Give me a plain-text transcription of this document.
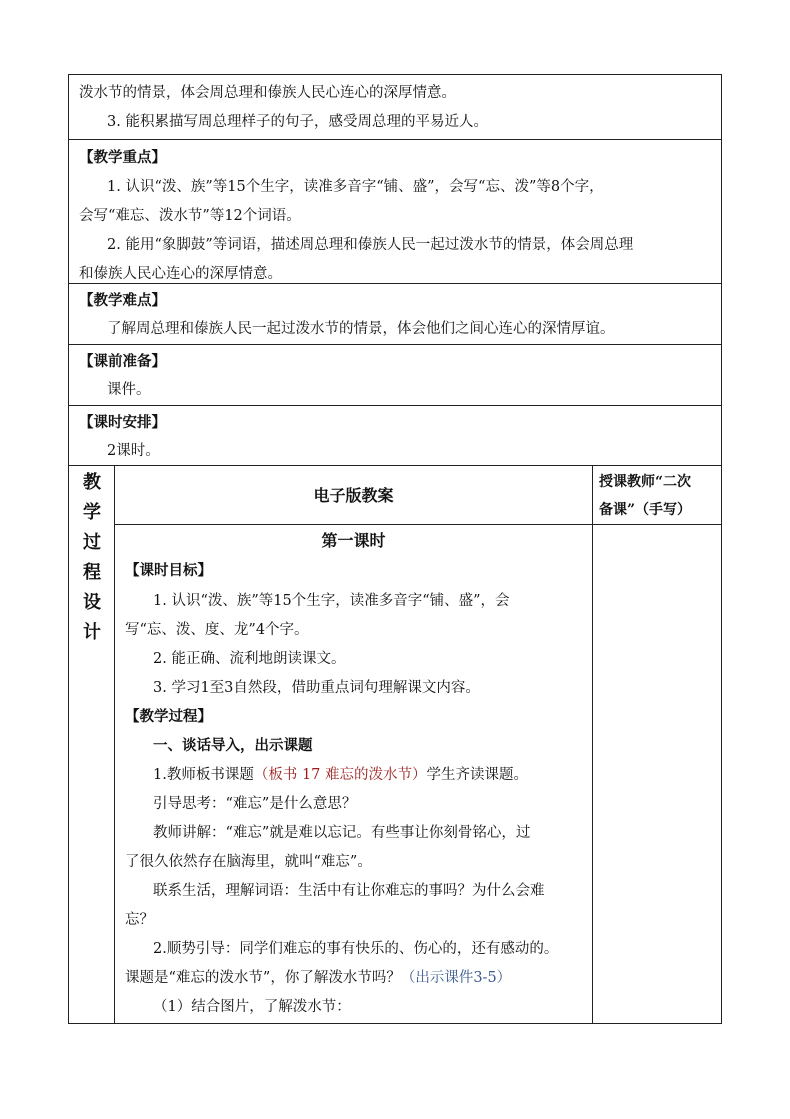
泼水节的情景，体会周总理和傣族人民心连心的深厚情意。
3. 能积累描写周总理样子的句子，感受周总理的平易近人。
【教学重点】
1. 认识“泼、族”等15个生字，读准多音字“铺、盛”，会写“忘、泼”等8个字，
会写“难忘、泼水节”等12个词语。
2. 能用“象脚鼓”等词语，描述周总理和傣族人民一起过泼水节的情景，体会周总理
和傣族人民心连心的深厚情意。
【教学难点】
了解周总理和傣族人民一起过泼水节的情景，体会他们之间心连心的深情厚谊。
【课前准备】
课件。
【课时安排】
2课时。
教
学
过
程
设
计
电子版教案
授课教师“二次
备课”（手写）
第一课时
【课时目标】
1. 认识“泼、族”等15个生字，读准多音字“铺、盛”，会
写“忘、泼、度、龙”4个字。
2. 能正确、流利地朗读课文。
3. 学习1至3自然段，借助重点词句理解课文内容。
【教学过程】
一、谈话导入，出示课题
1.教师板书课题（板书 17 难忘的泼水节）学生齐读课题。
引导思考：“难忘”是什么意思？
教师讲解：“难忘”就是难以忘记。有些事让你刻骨铭心，过
了很久依然存在脑海里，就叫“难忘”。
联系生活，理解词语：生活中有让你难忘的事吗？为什么会难
忘？
2.顺势引导：同学们难忘的事有快乐的、伤心的，还有感动的。
课题是“难忘的泼水节”，你了解泼水节吗？（出示课件3-5）
（1）结合图片，了解泼水节：
